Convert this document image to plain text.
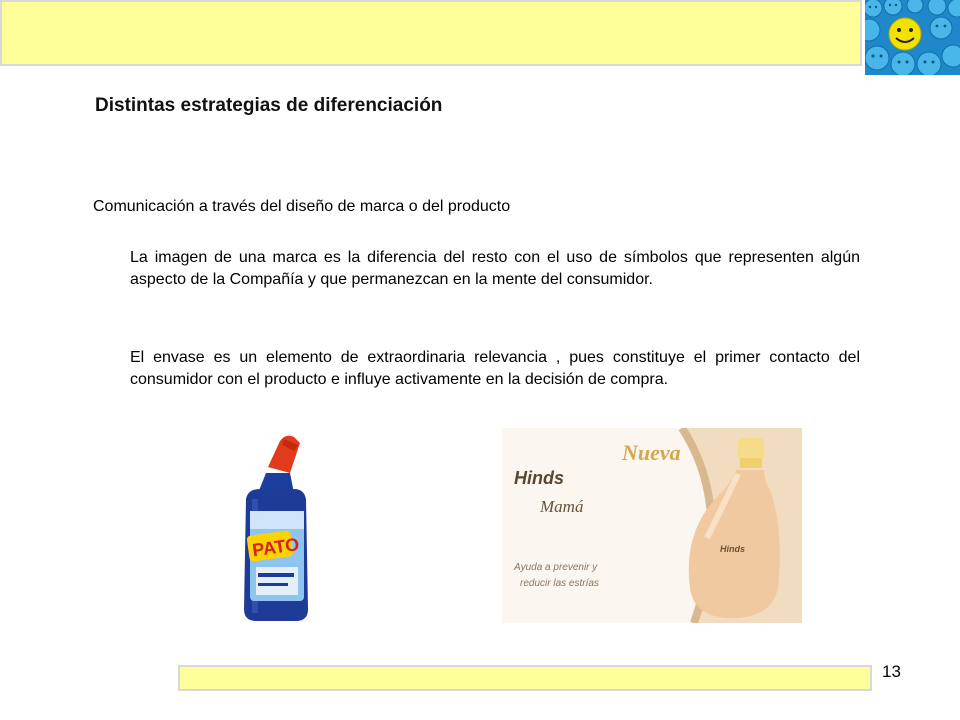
Distintas estrategias de diferenciación
Comunicación a través del diseño de marca o del producto
La imagen de una marca es la diferencia del resto con el uso de símbolos que representen algún aspecto de la Compañía y que permanezcan en la mente del consumidor.
El envase es un elemento de extraordinaria relevancia , pues constituye el primer contacto del consumidor con el producto e influye activamente en la decisión de compra.
PATO
Nueva
Hinds
Mamá
Ayuda a prevenir y
reducir las estrías
Hinds
13
